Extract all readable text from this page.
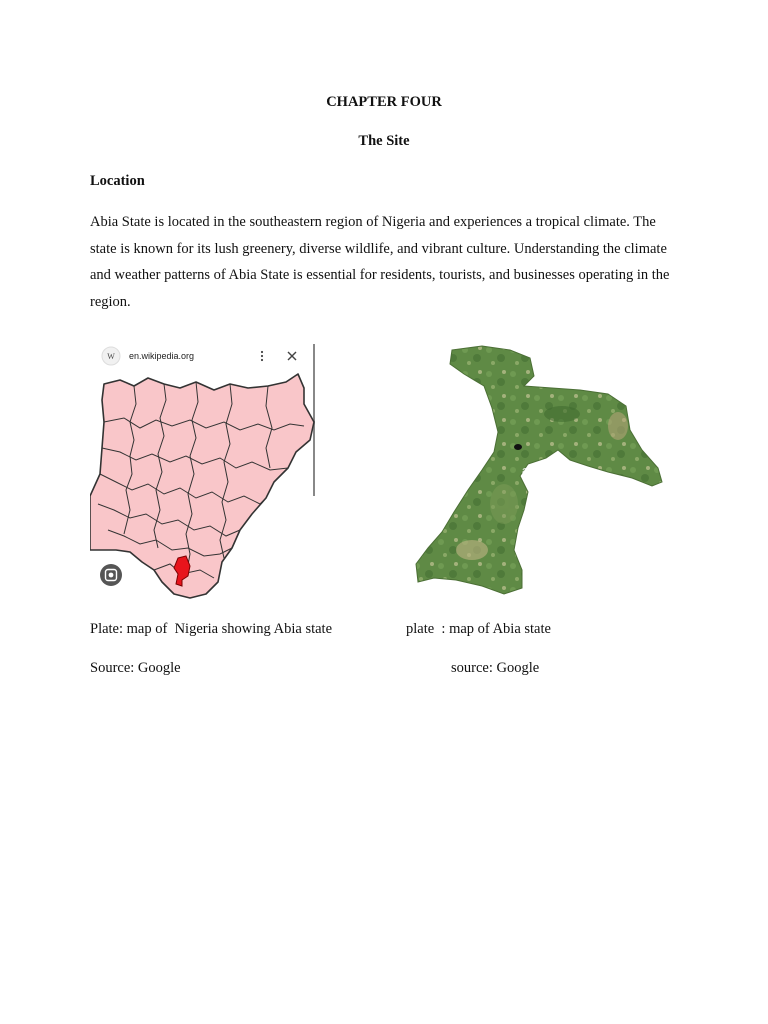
CHAPTER FOUR
The Site
Location

Abia State is located in the southeastern region of Nigeria and experiences a tropical climate. The state is known for its lush greenery, diverse wildlife, and vibrant culture. Understanding the climate and weather patterns of Abia State is essential for residents, tourists, and businesses operating in the region.

W en.wikipedia.org
alamy
Plate: map of  Nigeria showing Abia state	plate  : map of Abia state
Source: Google	source: Google
